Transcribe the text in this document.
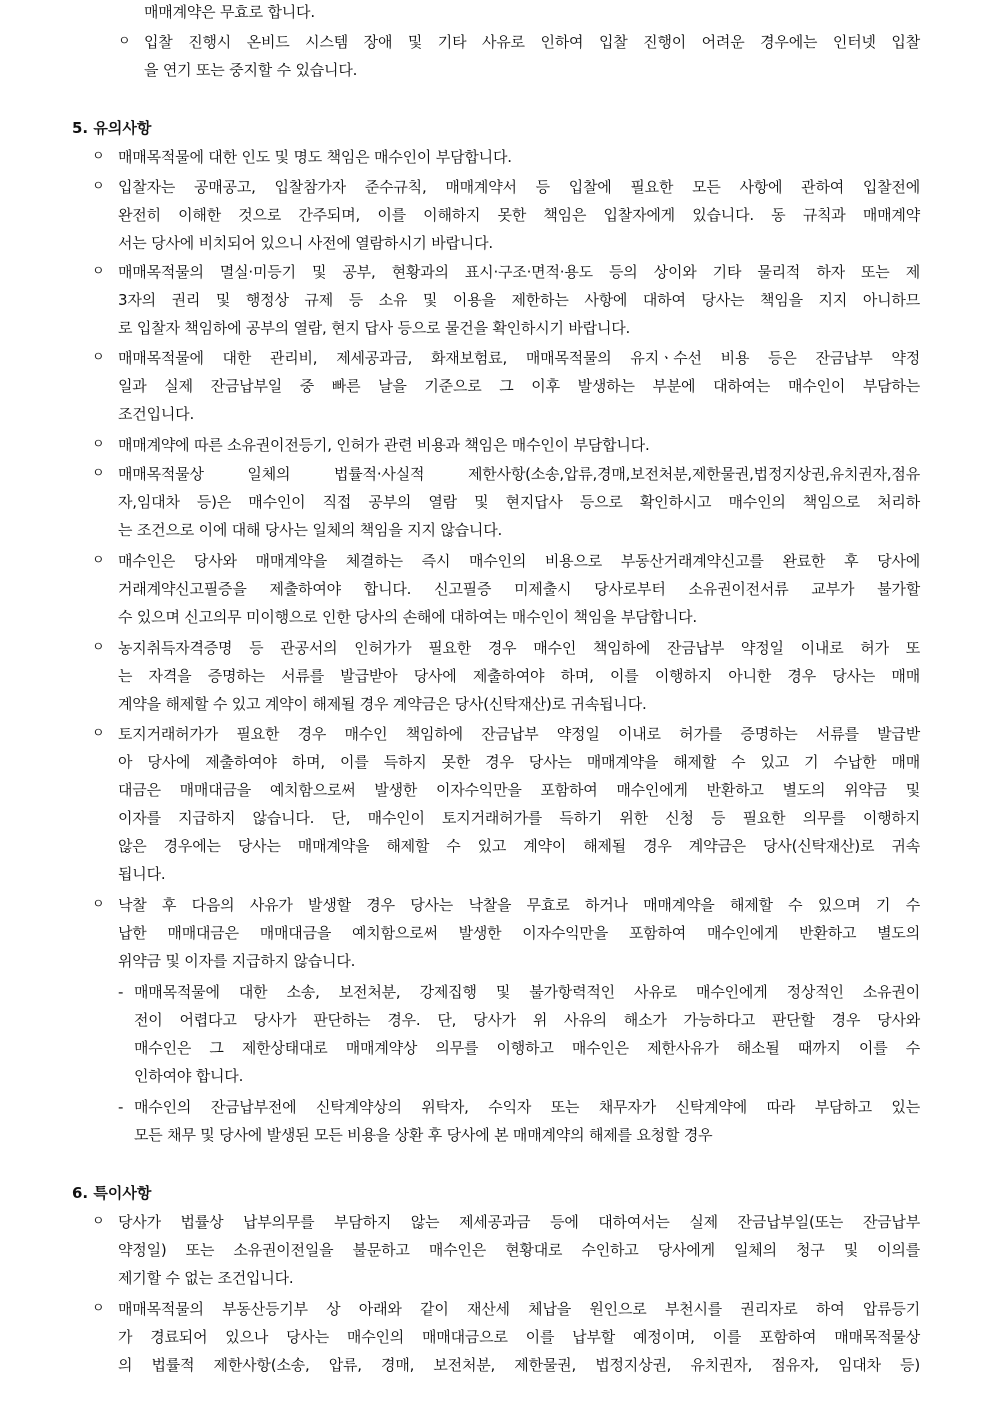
매매계약은 무효로 합니다.
ㅇ 입찰 진행시 온비드 시스템 장애 및 기타 사유로 인하여 입찰 진행이 어려운 경우에는 인터넷 입찰
을 연기 또는 중지할 수 있습니다.
5. 유의사항
ㅇ 매매목적물에 대한 인도 및 명도 책임은 매수인이 부담합니다.
ㅇ 입찰자는 공매공고, 입찰참가자 준수규칙, 매매계약서 등 입찰에 필요한 모든 사항에 관하여 입찰전에
완전히 이해한 것으로 간주되며, 이를 이해하지 못한 책임은 입찰자에게 있습니다. 동 규칙과 매매계약
서는 당사에 비치되어 있으니 사전에 열람하시기 바랍니다.
ㅇ 매매목적물의 멸실·미등기 및 공부, 현황과의 표시·구조·면적·용도 등의 상이와 기타 물리적 하자 또는 제
3자의 권리 및 행정상 규제 등 소유 및 이용을 제한하는 사항에 대하여 당사는 책임을 지지 아니하므
로 입찰자 책임하에 공부의 열람, 현지 답사 등으로 물건을 확인하시기 바랍니다.
ㅇ 매매목적물에 대한 관리비, 제세공과금, 화재보험료, 매매목적물의 유지ㆍ수선 비용 등은 잔금납부 약정
일과 실제 잔금납부일 중 빠른 날을 기준으로 그 이후 발생하는 부분에 대하여는 매수인이 부담하는
조건입니다.
ㅇ 매매계약에 따른 소유권이전등기, 인허가 관련 비용과 책임은 매수인이 부담합니다.
ㅇ 매매목적물상 일체의 법률적·사실적 제한사항(소송,압류,경매,보전처분,제한물권,법정지상권,유치권자,점유
자,임대차 등)은 매수인이 직접 공부의 열람 및 현지답사 등으로 확인하시고 매수인의 책임으로 처리하
는 조건으로 이에 대해 당사는 일체의 책임을 지지 않습니다.
ㅇ 매수인은 당사와 매매계약을 체결하는 즉시 매수인의 비용으로 부동산거래계약신고를 완료한 후 당사에
거래계약신고필증을 제출하여야 합니다. 신고필증 미제출시 당사로부터 소유권이전서류 교부가 불가할
수 있으며 신고의무 미이행으로 인한 당사의 손해에 대하여는 매수인이 책임을 부담합니다.
ㅇ 농지취득자격증명 등 관공서의 인허가가 필요한 경우 매수인 책임하에 잔금납부 약정일 이내로 허가 또
는 자격을 증명하는 서류를 발급받아 당사에 제출하여야 하며, 이를 이행하지 아니한 경우 당사는 매매
계약을 해제할 수 있고 계약이 해제될 경우 계약금은 당사(신탁재산)로 귀속됩니다.
ㅇ 토지거래허가가 필요한 경우 매수인 책임하에 잔금납부 약정일 이내로 허가를 증명하는 서류를 발급받
아 당사에 제출하여야 하며, 이를 득하지 못한 경우 당사는 매매계약을 해제할 수 있고 기 수납한 매매
대금은 매매대금을 예치함으로써 발생한 이자수익만을 포함하여 매수인에게 반환하고 별도의 위약금 및
이자를 지급하지 않습니다. 단, 매수인이 토지거래허가를 득하기 위한 신청 등 필요한 의무를 이행하지
않은 경우에는 당사는 매매계약을 해제할 수 있고 계약이 해제될 경우 계약금은 당사(신탁재산)로 귀속
됩니다.
ㅇ 낙찰 후 다음의 사유가 발생할 경우 당사는 낙찰을 무효로 하거나 매매계약을 해제할 수 있으며 기 수
납한 매매대금은 매매대금을 예치함으로써 발생한 이자수익만을 포함하여 매수인에게 반환하고 별도의
위약금 및 이자를 지급하지 않습니다.
- 매매목적물에 대한 소송, 보전처분, 강제집행 및 불가항력적인 사유로 매수인에게 정상적인 소유권이
전이 어렵다고 당사가 판단하는 경우. 단, 당사가 위 사유의 해소가 가능하다고 판단할 경우 당사와
매수인은 그 제한상태대로 매매계약상 의무를 이행하고 매수인은 제한사유가 해소될 때까지 이를 수
인하여야 합니다.
- 매수인의 잔금납부전에 신탁계약상의 위탁자, 수익자 또는 채무자가 신탁계약에 따라 부담하고 있는
모든 채무 및 당사에 발생된 모든 비용을 상환 후 당사에 본 매매계약의 해제를 요청할 경우
6. 특이사항
ㅇ 당사가 법률상 납부의무를 부담하지 않는 제세공과금 등에 대하여서는 실제 잔금납부일(또는 잔금납부
약정일) 또는 소유권이전일을 불문하고 매수인은 현황대로 수인하고 당사에게 일체의 청구 및 이의를
제기할 수 없는 조건입니다.
ㅇ 매매목적물의 부동산등기부 상 아래와 같이 재산세 체납을 원인으로 부천시를 권리자로 하여 압류등기
가 경료되어 있으나 당사는 매수인의 매매대금으로 이를 납부할 예정이며, 이를 포함하여 매매목적물상
의 법률적 제한사항(소송, 압류, 경매, 보전처분, 제한물권, 법정지상권, 유치권자, 점유자, 임대차 등)
